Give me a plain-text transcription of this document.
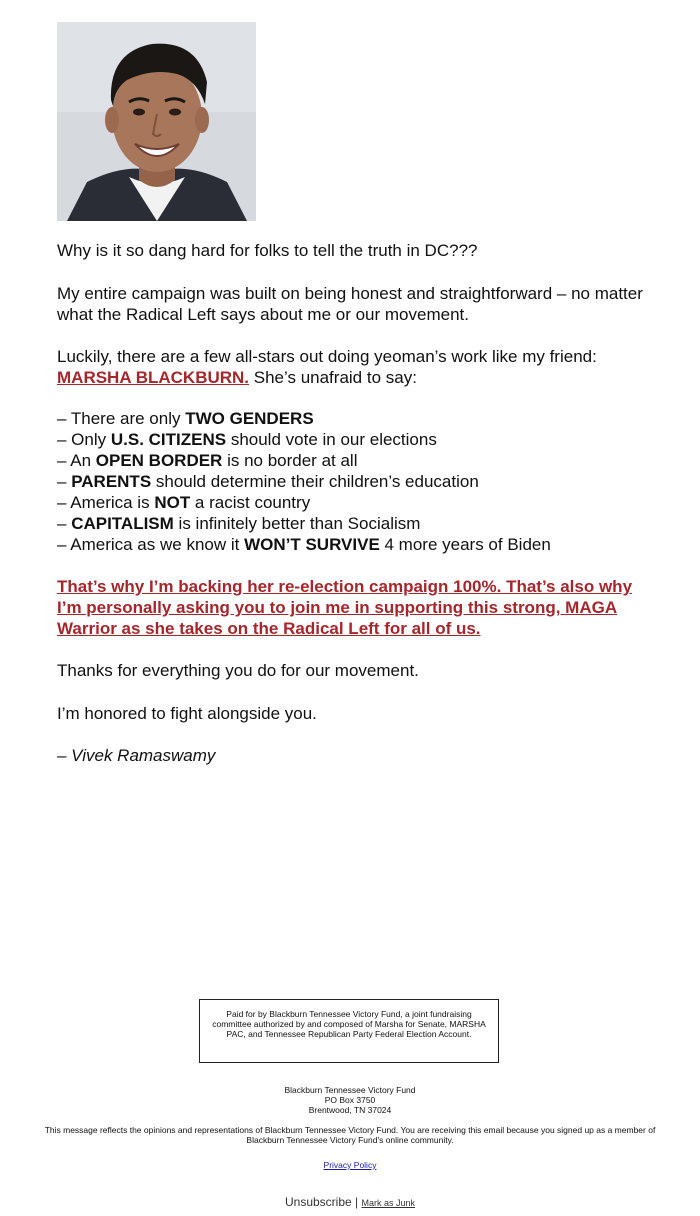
Why is it so dang hard for folks to tell the truth in DC???

My entire campaign was built on being honest and straightforward – no matter what the Radical Left says about me or our movement.

Luckily, there are a few all-stars out doing yeoman’s work like my friend:
MARSHA BLACKBURN. She’s unafraid to say:

– There are only TWO GENDERS
– Only U.S. CITIZENS should vote in our elections
– An OPEN BORDER is no border at all
– PARENTS should determine their children’s education
– America is NOT a racist country
– CAPITALISM is infinitely better than Socialism
– America as we know it WON’T SURVIVE 4 more years of Biden

That’s why I’m backing her re-election campaign 100%. That’s also why I’m personally asking you to join me in supporting this strong, MAGA Warrior as she takes on the Radical Left for all of us.

Thanks for everything you do for our movement.

I’m honored to fight alongside you.

– Vivek Ramaswamy

Paid for by Blackburn Tennessee Victory Fund, a joint fundraising committee authorized by and composed of Marsha for Senate, MARSHA PAC, and Tennessee Republican Party Federal Election Account.
Blackburn Tennessee Victory Fund
PO Box 3750
Brentwood, TN 37024
This message reflects the opinions and representations of Blackburn Tennessee Victory Fund. You are receiving this email because you signed up as a member of Blackburn Tennessee Victory Fund's online community.
Privacy Policy
Unsubscribe | Mark as Junk
